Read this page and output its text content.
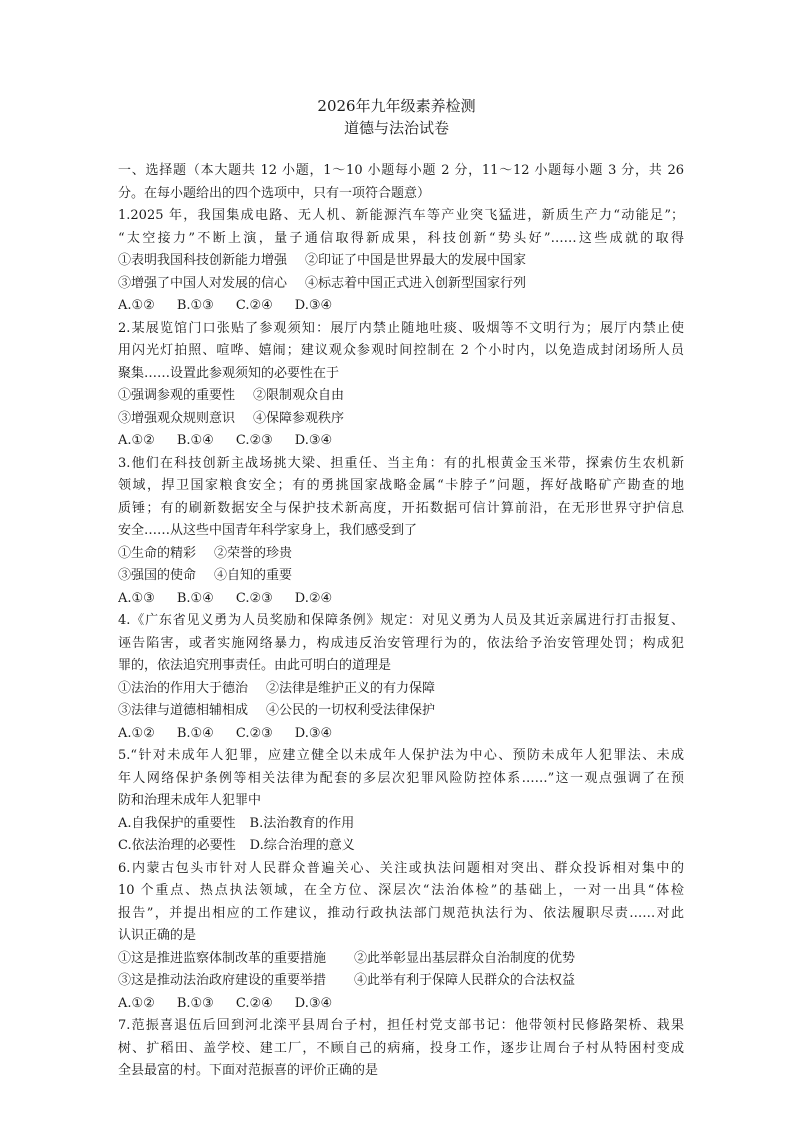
2026年九年级素养检测
道德与法治试卷
一、选择题（本大题共 12 小题，1～10 小题每小题 2 分，11～12 小题每小题 3 分，共 26
分。在每小题给出的四个选项中，只有一项符合题意）
1.2025 年，我国集成电路、无人机、新能源汽车等产业突飞猛进，新质生产力“动能足”；
“太空接力”不断上演，量子通信取得新成果，科技创新“势头好”……这些成就的取得
①表明我国科技创新能力增强 ②印证了中国是世界最大的发展中国家
③增强了中国人对发展的信心 ④标志着中国正式进入创新型国家行列
A.①② B.①③ C.②④ D.③④
2.某展览馆门口张贴了参观须知：展厅内禁止随地吐痰、吸烟等不文明行为；展厅内禁止使
用闪光灯拍照、喧哗、嬉闹；建议观众参观时间控制在 2 个小时内，以免造成封闭场所人员
聚集……设置此参观须知的必要性在于
①强调参观的重要性 ②限制观众自由
③增强观众规则意识 ④保障参观秩序
A.①② B.①④ C.②③ D.③④
3.他们在科技创新主战场挑大梁、担重任、当主角：有的扎根黄金玉米带，探索仿生农机新
领域，捍卫国家粮食安全；有的勇挑国家战略金属“卡脖子”问题，挥好战略矿产勘查的地
质锤；有的刷新数据安全与保护技术新高度，开拓数据可信计算前沿，在无形世界守护信息
安全……从这些中国青年科学家身上，我们感受到了
①生命的精彩 ②荣誉的珍贵
③强国的使命 ④自知的重要
A.①③ B.①④ C.②③ D.②④
4.《广东省见义勇为人员奖励和保障条例》规定：对见义勇为人员及其近亲属进行打击报复、
诬告陷害，或者实施网络暴力，构成违反治安管理行为的，依法给予治安管理处罚；构成犯
罪的，依法追究刑事责任。由此可明白的道理是
①法治的作用大于德治 ②法律是维护正义的有力保障
③法律与道德相辅相成 ④公民的一切权利受法律保护
A.①② B.①④ C.②③ D.③④
5.“针对未成年人犯罪，应建立健全以未成年人保护法为中心、预防未成年人犯罪法、未成
年人网络保护条例等相关法律为配套的多层次犯罪风险防控体系……”这一观点强调了在预
防和治理未成年人犯罪中
A.自我保护的重要性 B.法治教育的作用
C.依法治理的必要性 D.综合治理的意义
6.内蒙古包头市针对人民群众普遍关心、关注或执法问题相对突出、群众投诉相对集中的
10 个重点、热点执法领域，在全方位、深层次“法治体检”的基础上，一对一出具“体检
报告”，并提出相应的工作建议，推动行政执法部门规范执法行为、依法履职尽责……对此
认识正确的是
①这是推进监察体制改革的重要措施 ②此举彰显出基层群众自治制度的优势
③这是推动法治政府建设的重要举措 ④此举有利于保障人民群众的合法权益
A.①② B.①③ C.②④ D.③④
7.范振喜退伍后回到河北滦平县周台子村，担任村党支部书记：他带领村民修路架桥、栽果
树、扩稻田、盖学校、建工厂，不顾自己的病痛，投身工作，逐步让周台子村从特困村变成
全县最富的村。下面对范振喜的评价正确的是
